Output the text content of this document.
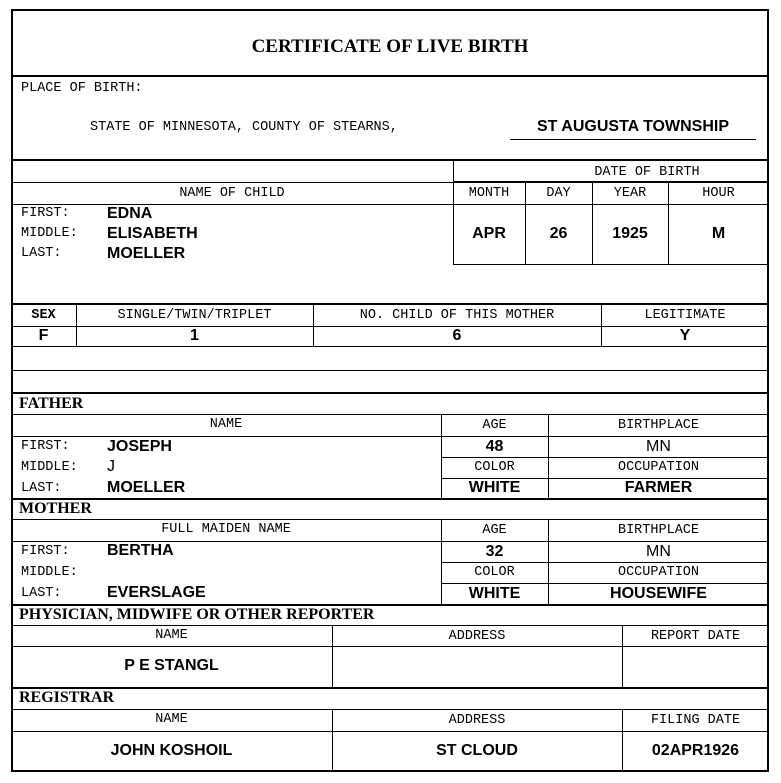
CERTIFICATE OF LIVE BIRTH
PLACE OF BIRTH:
STATE OF MINNESOTA, COUNTY OF STEARNS,	ST AUGUSTA TOWNSHIP
DATE OF BIRTH
NAME OF CHILD	MONTH	DAY	YEAR	HOUR
FIRST: EDNA
MIDDLE: ELISABETH
LAST:	MOELLER
APR	26	1925	M
SEX	SINGLE/TWIN/TRIPLET	NO. CHILD OF THIS MOTHER	LEGITIMATE
F	1	6	Y
FATHER
NAME	AGE	BIRTHPLACE
FIRST: JOSEPH	48	MN
MIDDLE: J	COLOR	OCCUPATION
LAST:	MOELLER	WHITE	FARMER
MOTHER
FULL MAIDEN NAME	AGE	BIRTHPLACE
FIRST: BERTHA	32	MN
MIDDLE:	COLOR	OCCUPATION
LAST:	EVERSLAGE	WHITE	HOUSEWIFE
PHYSICIAN, MIDWIFE OR OTHER REPORTER
NAME	ADDRESS	REPORT DATE
P E STANGL
REGISTRAR
NAME	ADDRESS	FILING DATE
JOHN KOSHOIL	ST CLOUD	02APR1926
